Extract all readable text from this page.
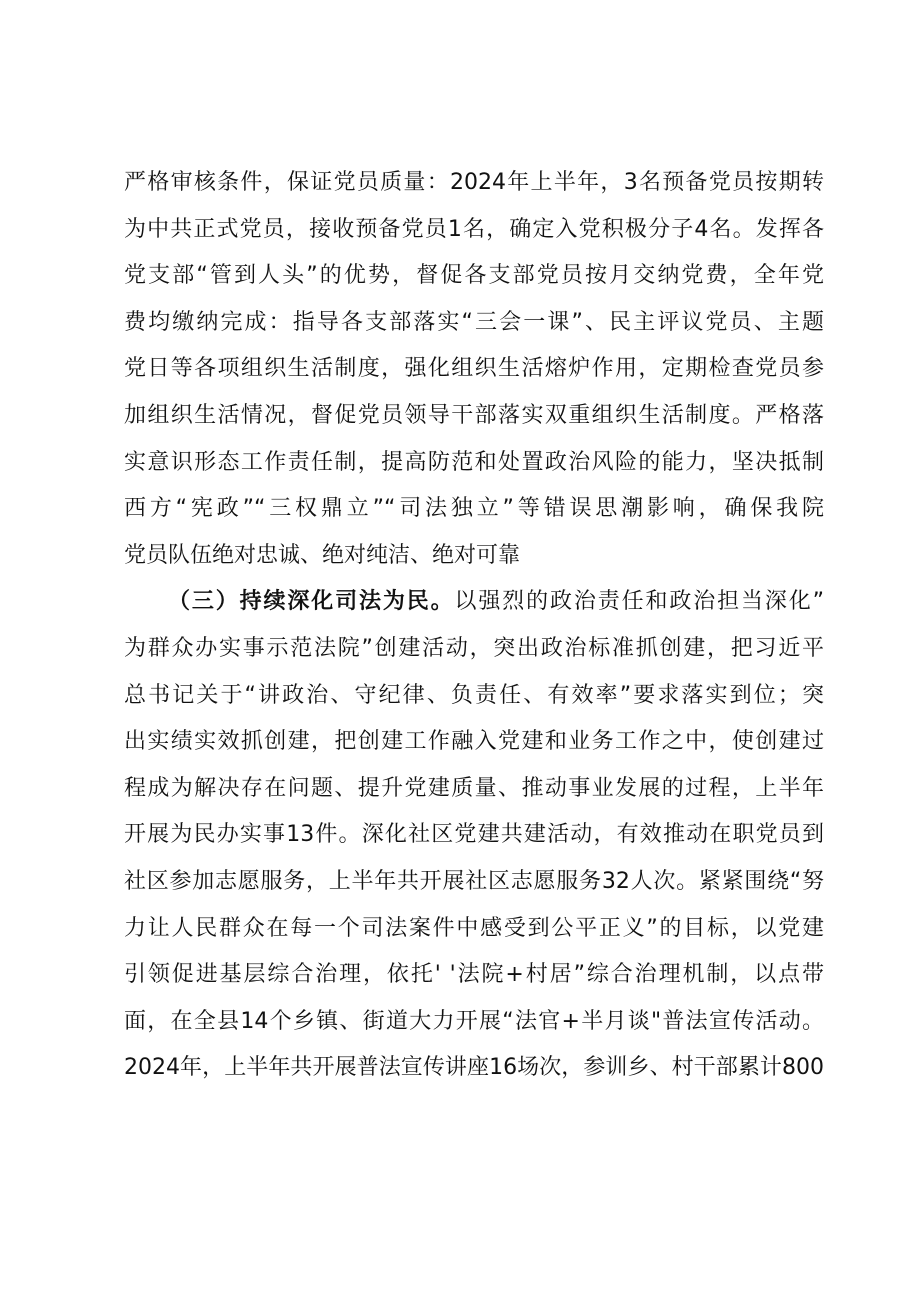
严格审核条件，保证党员质量：2024年上半年，3名预备党员按期转
为中共正式党员，接收预备党员1名，确定入党积极分子4名。发挥各
党支部“管到人头”的优势，督促各支部党员按月交纳党费，全年党
费均缴纳完成：指导各支部落实“三会一课”、民主评议党员、主题
党日等各项组织生活制度，强化组织生活熔炉作用，定期检查党员参
加组织生活情况，督促党员领导干部落实双重组织生活制度。严格落
实意识形态工作责任制，提高防范和处置政治风险的能力，坚决抵制
西方“宪政”“三权鼎立”“司法独立”等错误思潮影响，确保我院
党员队伍绝对忠诚、绝对纯洁、绝对可靠
（三）持续深化司法为民。以强烈的政治责任和政治担当深化”
为群众办实事示范法院”创建活动，突出政治标准抓创建，把习近平
总书记关于“讲政治、守纪律、负责任、有效率”要求落实到位；突
出实绩实效抓创建，把创建工作融入党建和业务工作之中，使创建过
程成为解决存在问题、提升党建质量、推动事业发展的过程，上半年
开展为民办实事13件。深化社区党建共建活动，有效推动在职党员到
社区参加志愿服务，上半年共开展社区志愿服务32人次。紧紧围绕“努
力让人民群众在每一个司法案件中感受到公平正义”的目标，以党建
引领促进基层综合治理，依托' '法院+村居”综合治理机制，以点带
面，在全县14个乡镇、街道大力开展“法官+半月谈"普法宣传活动。
2024年，上半年共开展普法宣传讲座16场次，参训乡、村干部累计800
